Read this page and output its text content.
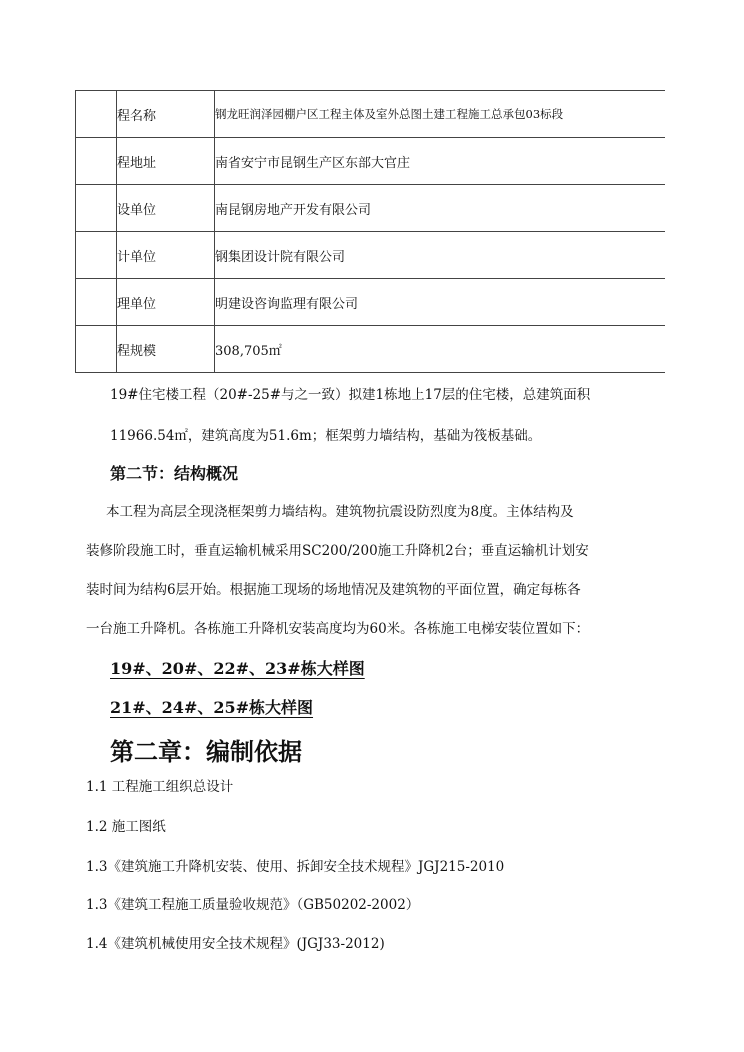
	程名称	钢龙旺润泽园棚户区工程主体及室外总图土建工程施工总承包03标段
	程地址	南省安宁市昆钢生产区东部大官庄
	设单位	南昆钢房地产开发有限公司
	计单位	钢集团设计院有限公司
	理单位	明建设咨询监理有限公司
	程规模	308,705㎡
19#住宅楼工程（20#-25#与之一致）拟建1栋地上17层的住宅楼，总建筑面积
11966.54㎡，建筑高度为51.6m；框架剪力墙结构，基础为筏板基础。
第二节：结构概况
本工程为高层全现浇框架剪力墙结构。建筑物抗震设防烈度为8度。主体结构及
装修阶段施工时，垂直运输机械采用SC200/200施工升降机2台；垂直运输机计划安
装时间为结构6层开始。根据施工现场的场地情况及建筑物的平面位置，确定每栋各
一台施工升降机。各栋施工升降机安装高度均为60米。各栋施工电梯安装位置如下：
19#、20#、22#、23#栋大样图
21#、24#、25#栋大样图
第二章：编制依据
1.1 工程施工组织总设计
1.2 施工图纸
1.3《建筑施工升降机安装、使用、拆卸安全技术规程》JGJ215-2010
1.3《建筑工程施工质量验收规范》（GB50202-2002）
1.4《建筑机械使用安全技术规程》(JGJ33-2012)
